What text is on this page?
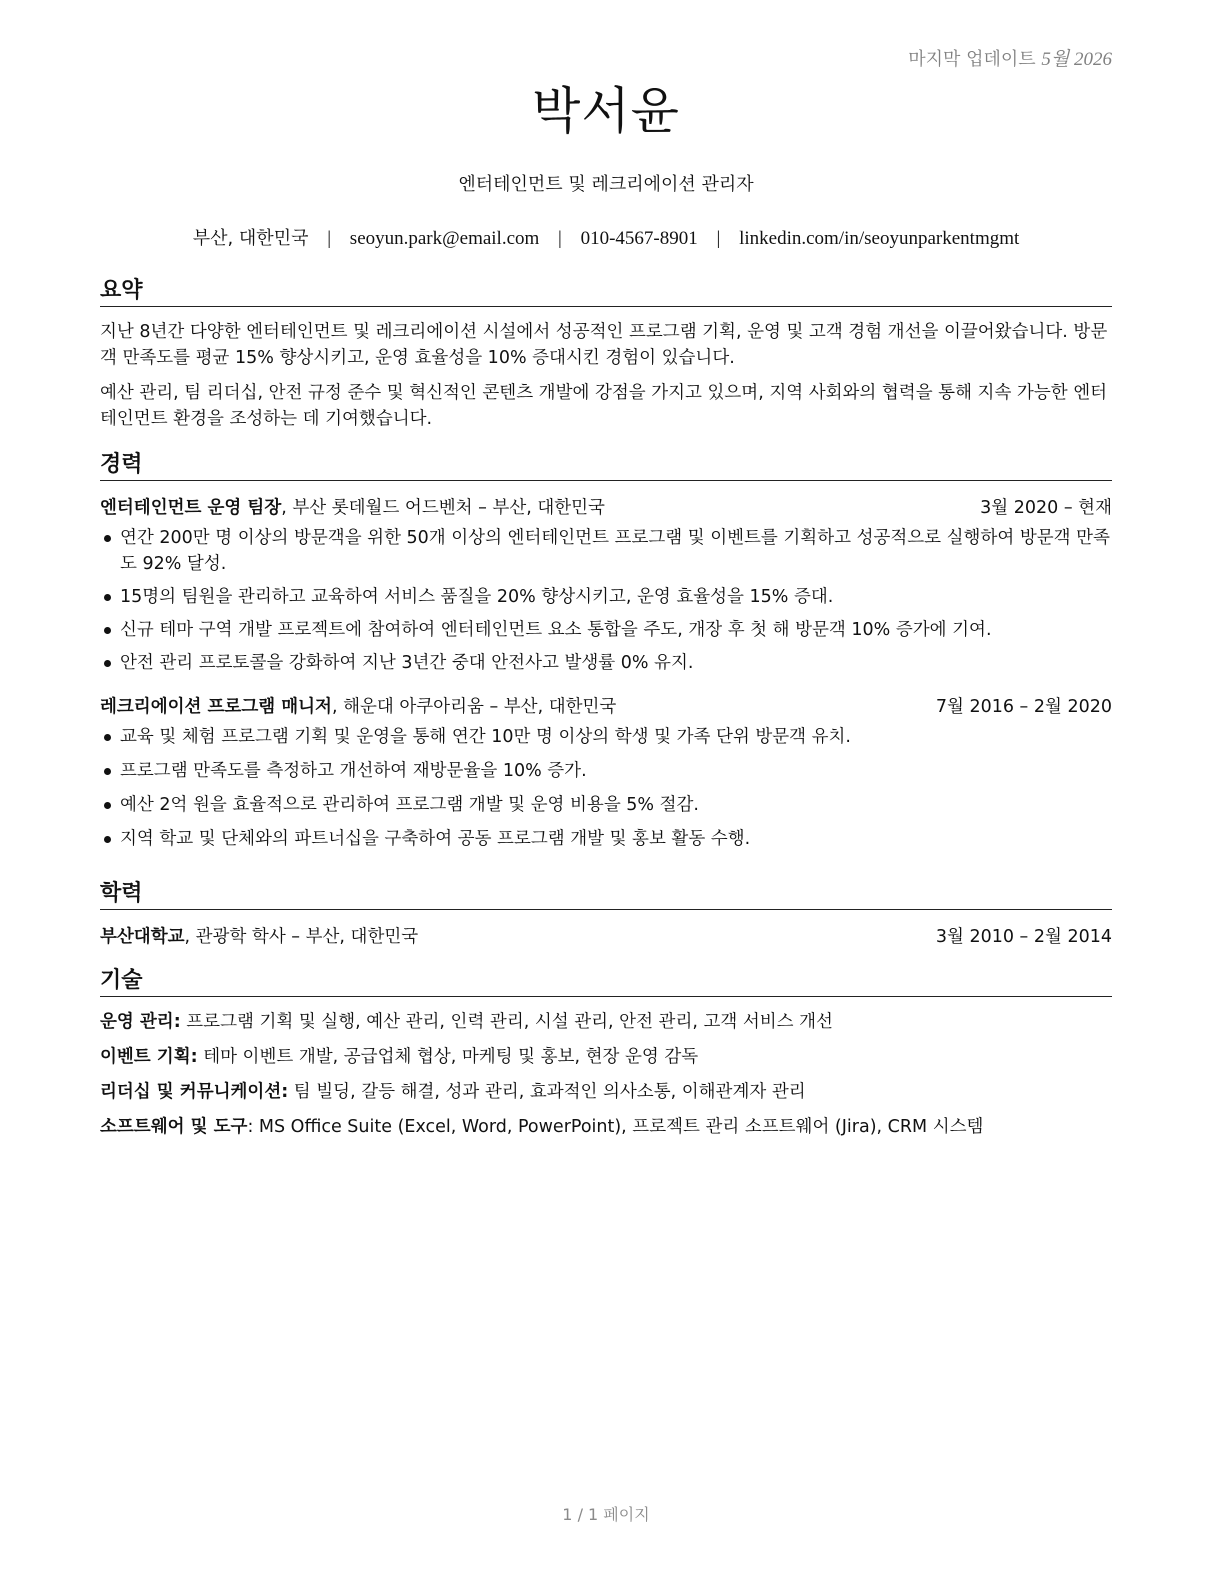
마지막 업데이트 5월 2026
박서윤
엔터테인먼트 및 레크리에이션 관리자
부산, 대한민국 | seoyun.park@email.com | 010-4567-8901 | linkedin.com/in/seoyunparkentmgmt
요약

지난 8년간 다양한 엔터테인먼트 및 레크리에이션 시설에서 성공적인 프로그램 기획, 운영 및 고객 경험 개선을 이끌어왔습니다. 방문객 만족도를 평균 15% 향상시키고, 운영 효율성을 10% 증대시킨 경험이 있습니다.

예산 관리, 팀 리더십, 안전 규정 준수 및 혁신적인 콘텐츠 개발에 강점을 가지고 있으며, 지역 사회와의 협력을 통해 지속 가능한 엔터테인먼트 환경을 조성하는 데 기여했습니다.

경력
엔터테인먼트 운영 팀장, 부산 롯데월드 어드벤처 – 부산, 대한민국	3월 2020 – 현재
연간 200만 명 이상의 방문객을 위한 50개 이상의 엔터테인먼트 프로그램 및 이벤트를 기획하고 성공적으로 실행하여 방문객 만족도 92% 달성.
15명의 팀원을 관리하고 교육하여 서비스 품질을 20% 향상시키고, 운영 효율성을 15% 증대.
신규 테마 구역 개발 프로젝트에 참여하여 엔터테인먼트 요소 통합을 주도, 개장 후 첫 해 방문객 10% 증가에 기여.
안전 관리 프로토콜을 강화하여 지난 3년간 중대 안전사고 발생률 0% 유지.
레크리에이션 프로그램 매니저, 해운대 아쿠아리움 – 부산, 대한민국	7월 2016 – 2월 2020
교육 및 체험 프로그램 기획 및 운영을 통해 연간 10만 명 이상의 학생 및 가족 단위 방문객 유치.
프로그램 만족도를 측정하고 개선하여 재방문율을 10% 증가.
예산 2억 원을 효율적으로 관리하여 프로그램 개발 및 운영 비용을 5% 절감.
지역 학교 및 단체와의 파트너십을 구축하여 공동 프로그램 개발 및 홍보 활동 수행.
학력
부산대학교, 관광학 학사 – 부산, 대한민국	3월 2010 – 2월 2014
기술
운영 관리: 프로그램 기획 및 실행, 예산 관리, 인력 관리, 시설 관리, 안전 관리, 고객 서비스 개선
이벤트 기획: 테마 이벤트 개발, 공급업체 협상, 마케팅 및 홍보, 현장 운영 감독
리더십 및 커뮤니케이션: 팀 빌딩, 갈등 해결, 성과 관리, 효과적인 의사소통, 이해관계자 관리
소프트웨어 및 도구: MS Office Suite (Excel, Word, PowerPoint), 프로젝트 관리 소프트웨어 (Jira), CRM 시스템
1 / 1 페이지
